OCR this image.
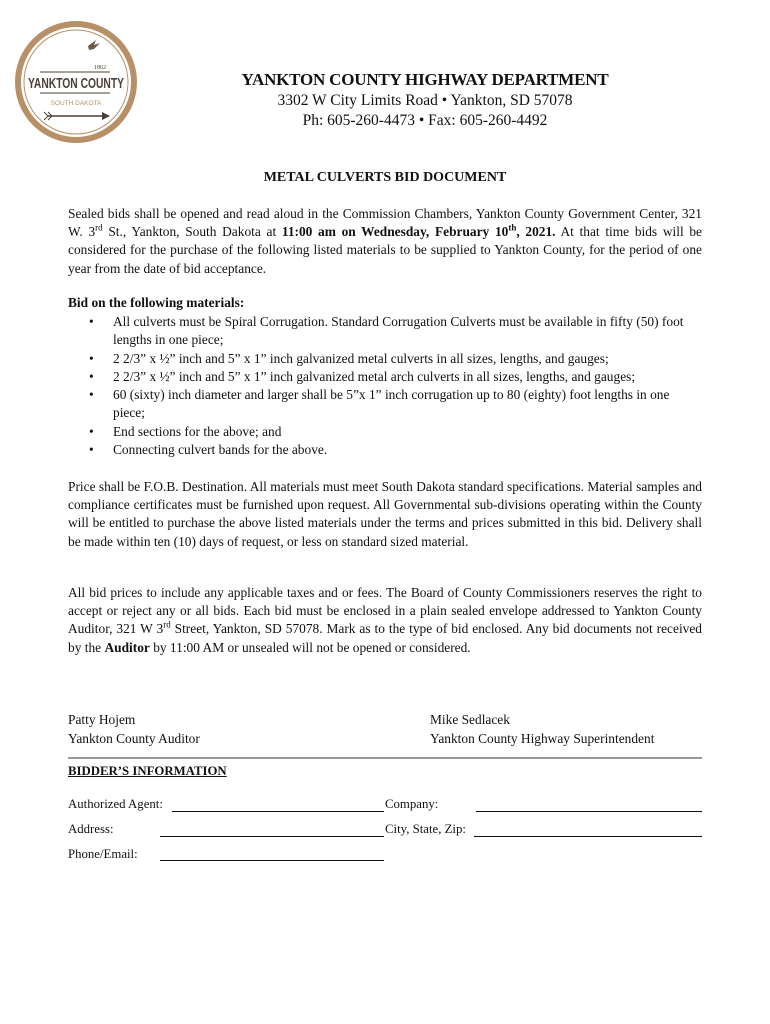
1862
YANKTON COUNTY
SOUTH DAKOTA
YANKTON COUNTY HIGHWAY DEPARTMENT
3302 W City Limits Road • Yankton, SD 57078
Ph: 605-260-4473 • Fax: 605-260-4492
METAL CULVERTS BID DOCUMENT
Sealed bids shall be opened and read aloud in the Commission Chambers, Yankton County Government Center, 321 W. 3rd St., Yankton, South Dakota at 11:00 am on Wednesday, February 10th, 2021. At that time bids will be considered for the purchase of the following listed materials to be supplied to Yankton County, for the period of one year from the date of bid acceptance.
Bid on the following materials:
• All culverts must be Spiral Corrugation. Standard Corrugation Culverts must be available in fifty (50) foot lengths in one piece;
• 2 2/3” x ½” inch and 5” x 1” inch galvanized metal culverts in all sizes, lengths, and gauges;
• 2 2/3” x ½” inch and 5” x 1” inch galvanized metal arch culverts in all sizes, lengths, and gauges;
• 60 (sixty) inch diameter and larger shall be 5”x 1” inch corrugation up to 80 (eighty) foot lengths in one piece;
• End sections for the above; and
• Connecting culvert bands for the above.
Price shall be F.O.B. Destination. All materials must meet South Dakota standard specifications. Material samples and compliance certificates must be furnished upon request. All Governmental sub-divisions operating within the County will be entitled to purchase the above listed materials under the terms and prices submitted in this bid. Delivery shall be made within ten (10) days of request, or less on standard sized material.
All bid prices to include any applicable taxes and or fees. The Board of County Commissioners reserves the right to accept or reject any or all bids. Each bid must be enclosed in a plain sealed envelope addressed to Yankton County Auditor, 321 W 3rd Street, Yankton, SD 57078. Mark as to the type of bid enclosed. Any bid documents not received by the Auditor by 11:00 AM or unsealed will not be opened or considered.
Patty Hojem
Yankton County Auditor
Mike Sedlacek
Yankton County Highway Superintendent
BIDDER’S INFORMATION
Authorized Agent:	Company:
Address:	City, State, Zip:
Phone/Email:
